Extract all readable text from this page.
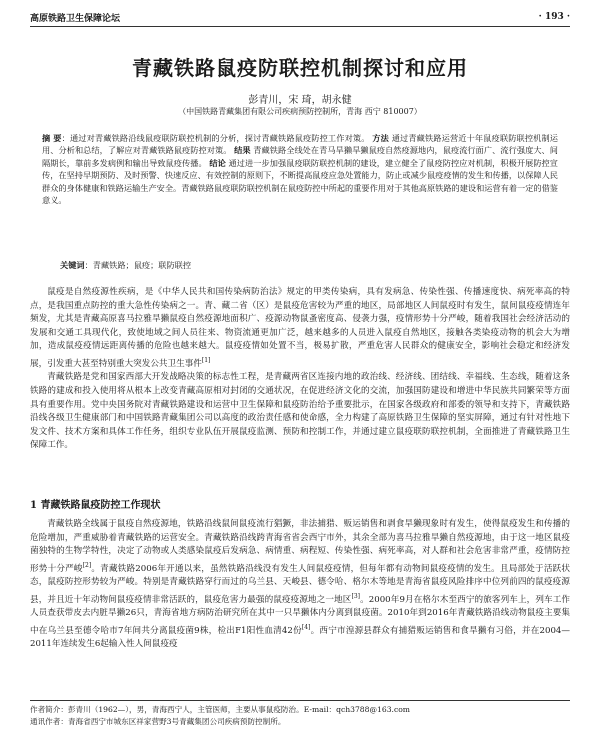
高原铁路卫生保障论坛	· 193 ·
青藏铁路鼠疫防联控机制探讨和应用
彭青川，宋 琦，胡永健
（中国铁路青藏集团有限公司疾病预防控制所，青海 西宁 810007）
摘 要：通过对青藏铁路沿线鼠疫联防联控机制的分析，探讨青藏铁路鼠疫防控工作对策。 方法 通过青藏铁路运营近十年鼠疫联防联控机制运用、分析和总结，了解应对青藏铁路鼠疫防控对策。 结果 青藏铁路全线处在青马旱獭旱獭鼠疫自然疫源地内，鼠疫流行面广、流行强度大、间隔期长，靠前多发病例和输出导致鼠疫传播。 结论 通过进一步加强鼠疫联防联控机制的建设，建立健全了鼠疫防控应对机制，积极开展防控宣传，在坚持早期预防、及时预警、快速反应、有效控制的原则下，不断提高鼠疫应急处置能力，防止或减少鼠疫疫情的发生和传播，以保障人民群众的身体健康和铁路运输生产安全。青藏铁路鼠疫联防联控机制在鼠疫防控中所起的重要作用对于其他高原铁路的建设和运营有着一定的借鉴意义。
关键词：青藏铁路；鼠疫；联防联控

鼠疫是自然疫源性疾病，是《中华人民共和国传染病防治法》规定的甲类传染病，具有发病急、传染性强、传播速度快、病死率高的特点，是我国重点防控的重大急性传染病之一。青、藏二省（区）是鼠疫危害较为严重的地区，局部地区人间鼠疫时有发生，鼠间鼠疫疫情连年频发，尤其是青藏高原喜马拉雅旱獭鼠疫自然疫源地面积广、疫源动物鼠蚤密度高、侵袭力强，疫情形势十分严峻，随着我国社会经济活动的发展和交通工具现代化，致使地域之间人员往来、物资流通更加广泛，越来越多的人员进入鼠疫自然地区，接触各类染疫动物的机会大为增加，造成鼠疫疫情远距离传播的危险也越来越大。鼠疫疫情如处置不当，极易扩散，严重危害人民群众的健康安全，影响社会稳定和经济发展，引发重大甚至特别重大突发公共卫生事件[1]

青藏铁路是党和国家西部大开发战略决策的标志性工程，是青藏两省区连接内地的政治线、经济线、团结线、幸福线、生态线，随着这条铁路的建成和投入使用将从根本上改变青藏高原相对封闭的交通状况，在促进经济文化的交流，加强国防建设和增进中华民族共同繁荣等方面具有重要作用。党中央国务院对青藏铁路建设和运营中卫生保障和鼠疫防治给予重要批示，在国家各级政府和部委的领导和支持下，青藏铁路沿线各级卫生健康部门和中国铁路青藏集团公司以高度的政治责任感和使命感，全力构建了高原铁路卫生保障的坚实屏障，通过有针对性地下发文件、技术方案和具体工作任务，组织专业队伍开展鼠疫监测、预防和控制工作，并通过建立鼠疫联防联控机制，全面推进了青藏铁路卫生保障工作。

1 青藏铁路鼠疫防控工作现状

青藏铁路全线属于鼠疫自然疫源地，铁路沿线鼠间鼠疫流行猖獗，非法捕猎、贩运销售和剥食旱獭现象时有发生，使得鼠疫发生和传播的危险增加，严重威胁着青藏铁路的运营安全。青藏铁路沿线跨青海省省会西宁市外，其余全部为喜马拉雅旱獭自然疫源地，由于这一地区鼠疫菌独特的生物学特性，决定了动物或人类感染鼠疫后发病急、病情重、病程短、传染性强、病死率高，对人群和社会危害非常严重，疫情防控形势十分严峻[2]。青藏铁路2006年开通以来，虽然铁路沿线没有发生人间鼠疫疫情，但每年都有动物间鼠疫疫情的发生。且局部处于活跃状态，鼠疫防控形势较为严峻。特别是青藏铁路穿行而过的乌兰县、天峻县、德令哈、格尔木等地是青海省鼠疫风险排序中位列前四的鼠疫疫源县，并且近十年动物间鼠疫疫情非常活跃的，鼠疫危害力最强的鼠疫疫源地之一地区[3]。2000年9月在格尔木至西宁的旅客列车上，列车工作人员查获带皮去内脏旱獭26只，青海省地方病防治研究所在其中一只旱獭体内分离到鼠疫菌。2010年到2016年青藏铁路沿线动物鼠疫主要集中在乌兰县至德令哈市7年间共分离鼠疫菌9株，检出F1阳性血清42份[4]。西宁市湟源县群众有捕猎贩运销售和食旱獭有习俗，并在2004—2011年连续发生6起输入性人间鼠疫疫

作者简介：彭青川（1962—），男，青海西宁人，主管医师，主要从事鼠疫防治。E-mail：qch3788@163.com
通讯作者：青海省西宁市城东区祥家营野3号青藏集团公司疾病预防控制所。
